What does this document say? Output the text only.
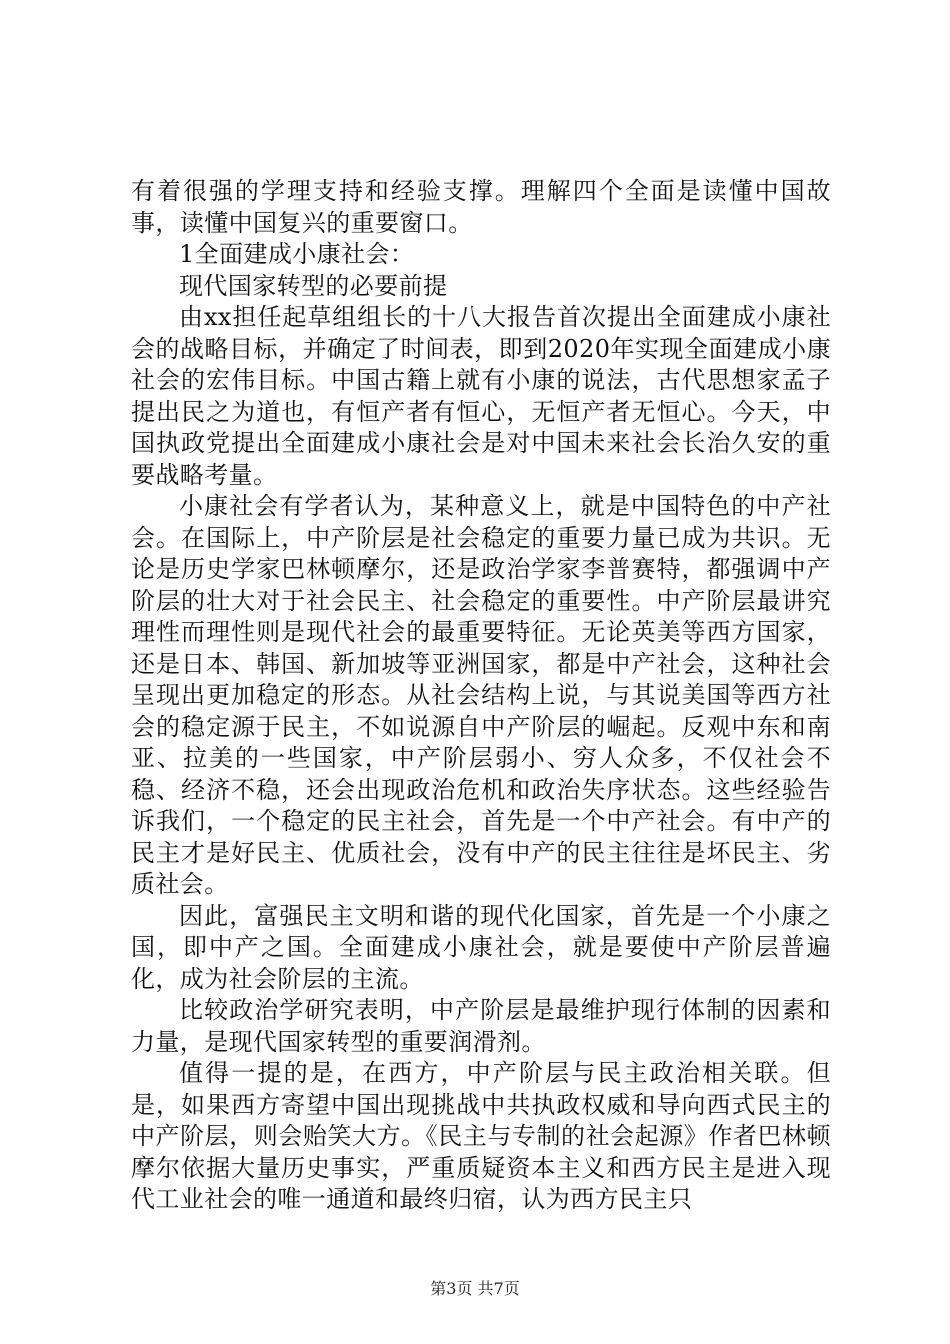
有着很强的学理支持和经验支撑。理解四个全面是读懂中国故事，读懂中国复兴的重要窗口。

1全面建成小康社会：

现代国家转型的必要前提

由xx担任起草组组长的十八大报告首次提出全面建成小康社会的战略目标，并确定了时间表，即到2020年实现全面建成小康社会的宏伟目标。中国古籍上就有小康的说法，古代思想家孟子提出民之为道也，有恒产者有恒心，无恒产者无恒心。今天，中国执政党提出全面建成小康社会是对中国未来社会长治久安的重要战略考量。

小康社会有学者认为，某种意义上，就是中国特色的中产社会。在国际上，中产阶层是社会稳定的重要力量已成为共识。无论是历史学家巴林顿摩尔，还是政治学家李普赛特，都强调中产阶层的壮大对于社会民主、社会稳定的重要性。中产阶层最讲究理性而理性则是现代社会的最重要特征。无论英美等西方国家，还是日本、韩国、新加坡等亚洲国家，都是中产社会，这种社会呈现出更加稳定的形态。从社会结构上说，与其说美国等西方社会的稳定源于民主，不如说源自中产阶层的崛起。反观中东和南亚、拉美的一些国家，中产阶层弱小、穷人众多，不仅社会不稳、经济不稳，还会出现政治危机和政治失序状态。这些经验告诉我们，一个稳定的民主社会，首先是一个中产社会。有中产的民主才是好民主、优质社会，没有中产的民主往往是坏民主、劣质社会。

因此，富强民主文明和谐的现代化国家，首先是一个小康之国，即中产之国。全面建成小康社会，就是要使中产阶层普遍化，成为社会阶层的主流。

比较政治学研究表明，中产阶层是最维护现行体制的因素和力量，是现代国家转型的重要润滑剂。

值得一提的是，在西方，中产阶层与民主政治相关联。但是，如果西方寄望中国出现挑战中共执政权威和导向西式民主的中产阶层，则会贻笑大方。《民主与专制的社会起源》作者巴林顿摩尔依据大量历史事实，严重质疑资本主义和西方民主是进入现代工业社会的唯一通道和最终归宿，认为西方民主只

第3页 共7页
